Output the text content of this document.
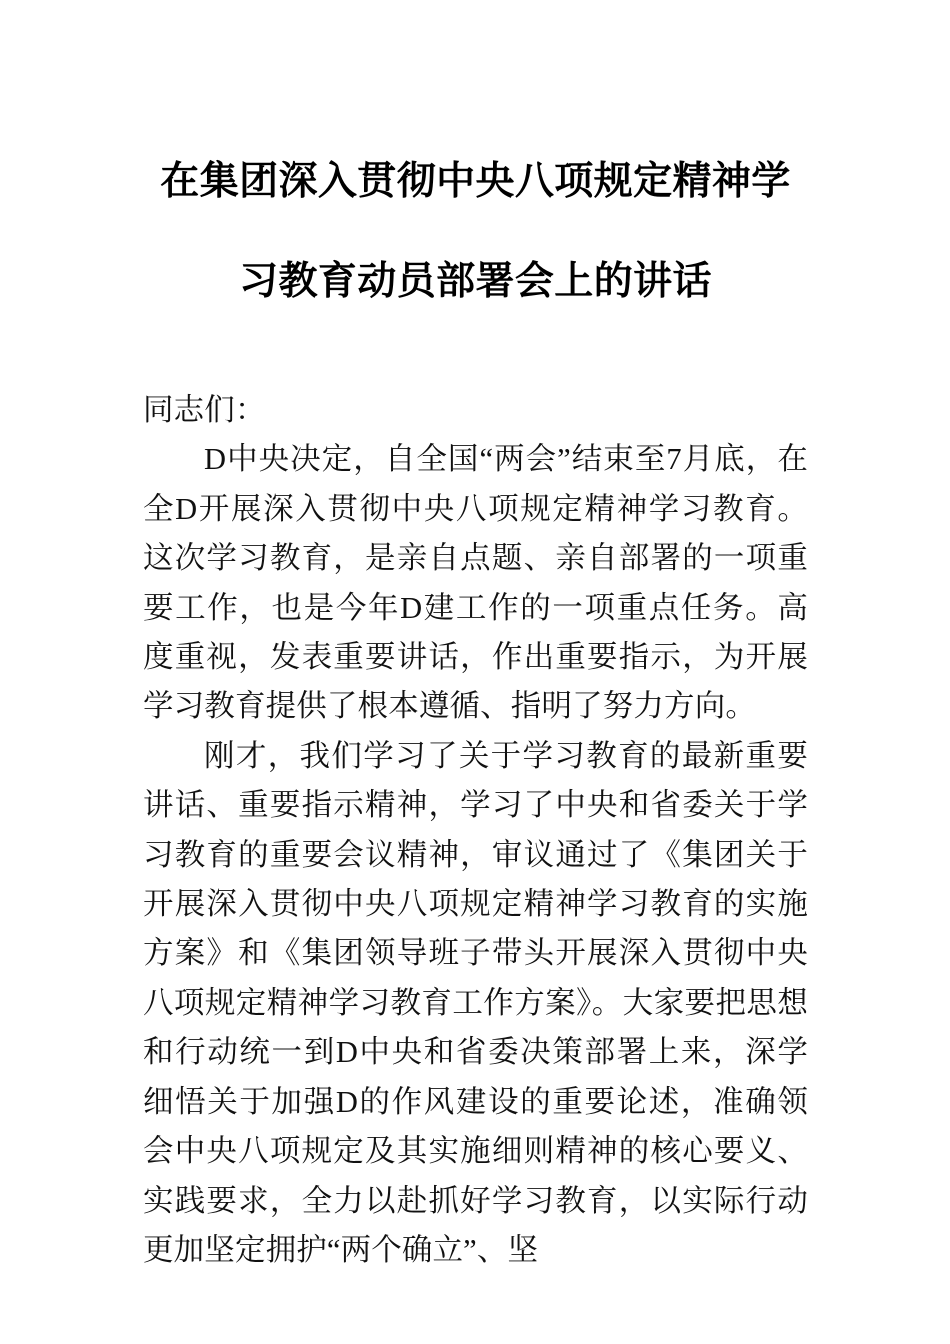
在集团深入贯彻中央八项规定精神学习教育动员部署会上的讲话

同志们：

D中央决定，自全国“两会”结束至7月底，在全D开展深入贯彻中央八项规定精神学习教育。这次学习教育，是亲自点题、亲自部署的一项重要工作，也是今年D建工作的一项重点任务。高度重视，发表重要讲话，作出重要指示，为开展学习教育提供了根本遵循、指明了努力方向。

刚才，我们学习了关于学习教育的最新重要讲话、重要指示精神，学习了中央和省委关于学习教育的重要会议精神，审议通过了《集团关于开展深入贯彻中央八项规定精神学习教育的实施方案》和《集团领导班子带头开展深入贯彻中央八项规定精神学习教育工作方案》。大家要把思想和行动统一到D中央和省委决策部署上来，深学细悟关于加强D的作风建设的重要论述，准确领会中央八项规定及其实施细则精神的核心要义、实践要求，全力以赴抓好学习教育，以实际行动更加坚定拥护“两个确立”、坚
